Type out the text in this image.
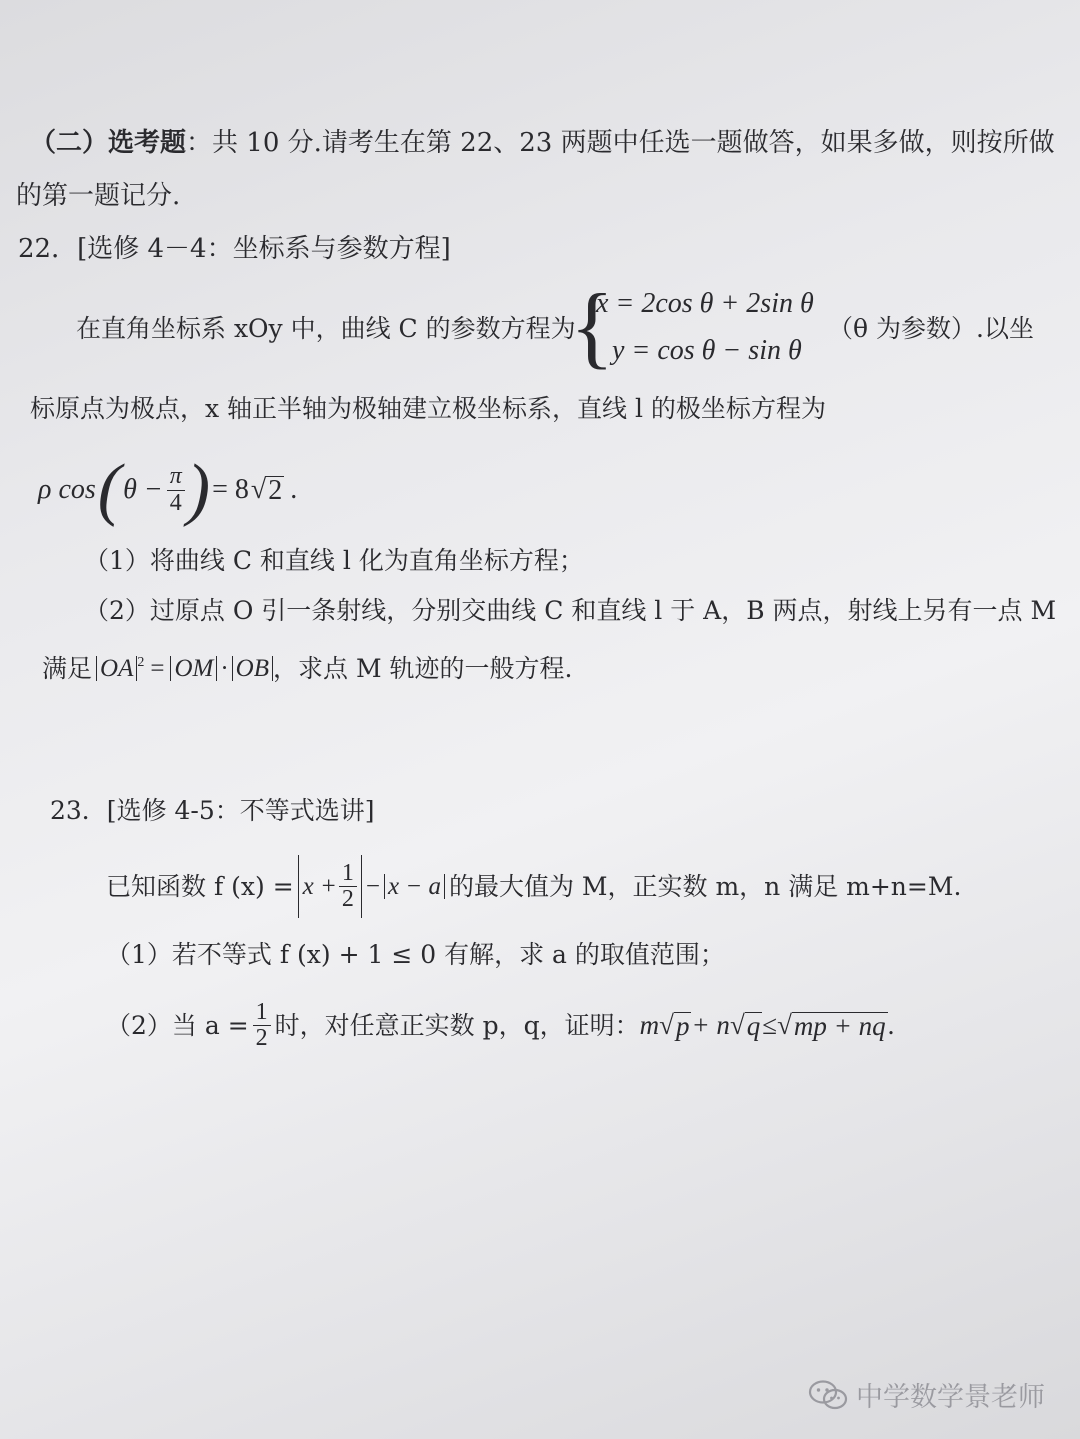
（二）选考题：共 10 分.请考生在第 22、23 两题中任选一题做答，如果多做，则按所做
的第一题记分.
22．[选修 4－4：坐标系与参数方程]
在直角坐标系 xOy 中，曲线 C 的参数方程为
{
x = 2cos θ + 2sin θ
y = cos θ − sin θ
（θ 为参数）.以坐
标原点为极点，x 轴正半轴为极轴建立极坐标系，直线 l 的极坐标方程为
ρ cos ( $\theta - \frac{\pi}{4}$ ) = 8 √ 2 .
（1）将曲线 C 和直线 l 化为直角坐标方程；
（2）过原点 O 引一条射线，分别交曲线 C 和直线 l 于 A，B 两点，射线上另有一点 M
满足 OA $^2$ = OM · OB ，求点 M 轨迹的一般方程.
23．[选修 4-5：不等式选讲]
已知函数 f $(x) = x + \frac{1}{2} - x - a$ 的最大值为 M，正实数 m，n 满足 m+n=M.
（1）若不等式 f (x) + 1 ≤ 0 有解，求 a 的取值范围；
（2）当 $a = \frac{1}{2}$ 时，对任意正实数 p，q，证明： m √ p + n √ q ≤ √ mp + nq .
中学数学景老师
